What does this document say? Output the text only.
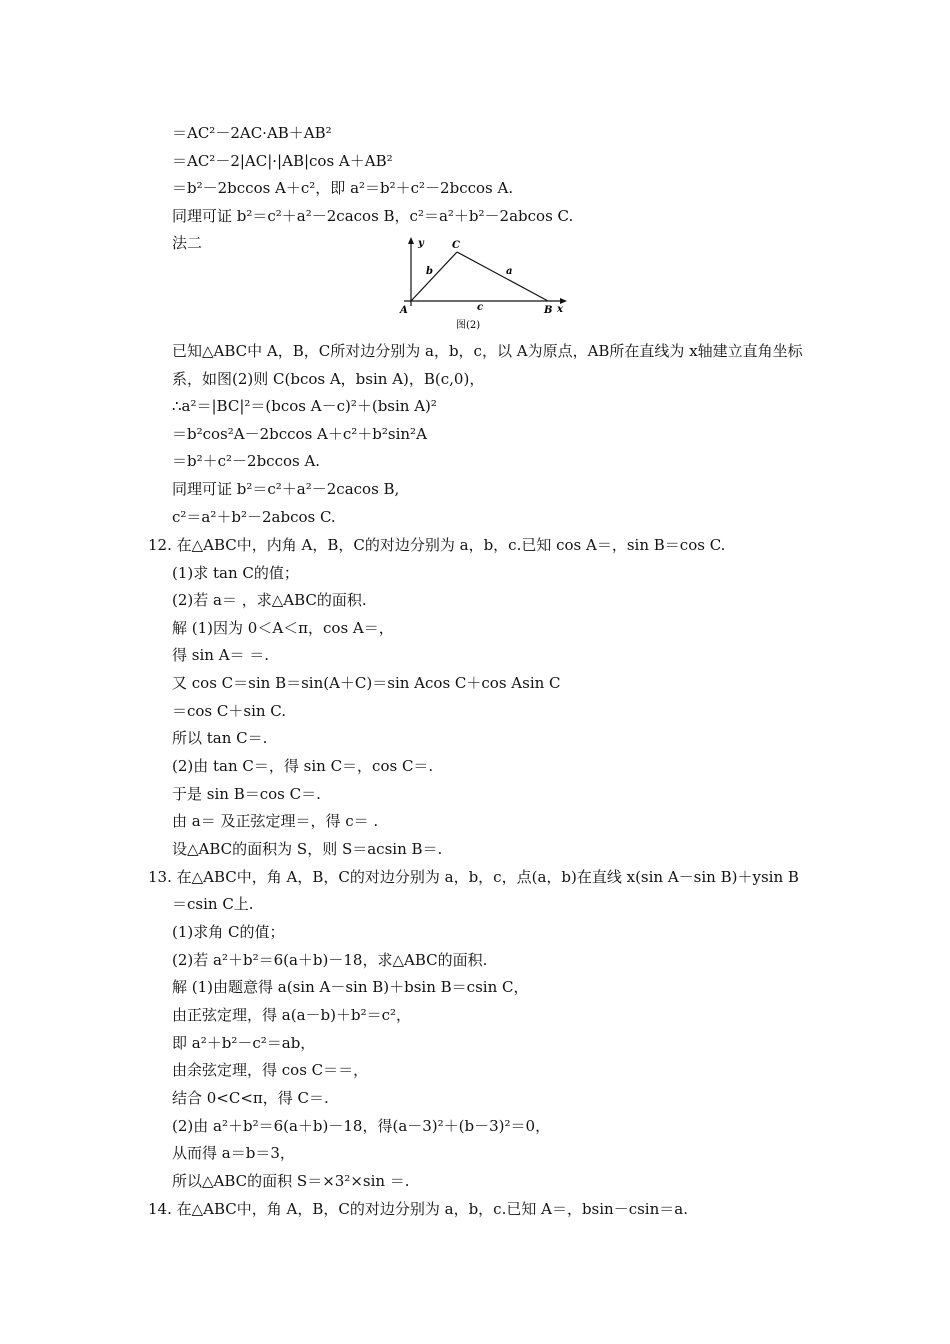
＝AC²－2AC·AB＋AB²
＝AC²－2|AC|·|AB|cos A＋AB²
＝b²－2bccos A＋c²，即 a²＝b²＋c²－2bccos A.
同理可证 b²＝c²＋a²－2cacos B，c²＝a²＋b²－2abcos C.
法二	y
x
A	B
C
b	a
c
图(2)
已知△ABC中 A，B，C所对边分别为 a，b，c，以 A为原点，AB所在直线为 x轴建立直角坐标
系，如图(2)则 C(bcos A，bsin A)，B(c,0)，
∴a²＝|BC|²＝(bcos A－c)²＋(bsin A)²
＝b²cos²A－2bccos A＋c²＋b²sin²A
＝b²＋c²－2bccos A.
同理可证 b²＝c²＋a²－2cacos B,
c²＝a²＋b²－2abcos C.
12. 在△ABC中，内角 A，B，C的对边分别为 a，b，c.已知 cos A＝，sin B＝cos C.
(1)求 tan C的值；
(2)若 a＝ ，求△ABC的面积.
解 (1)因为 0＜A＜π，cos A＝，
得 sin A＝ ＝.
又 cos C＝sin B＝sin(A＋C)＝sin Acos C＋cos Asin C
＝cos C＋sin C.
所以 tan C＝.
(2)由 tan C＝，得 sin C＝，cos C＝.
于是 sin B＝cos C＝.
由 a＝ 及正弦定理＝，得 c＝ .
设△ABC的面积为 S，则 S＝acsin B＝.
13. 在△ABC中，角 A，B，C的对边分别为 a，b，c，点(a，b)在直线 x(sin A－sin B)＋ysin B
＝csin C上.
(1)求角 C的值；
(2)若 a²＋b²＝6(a＋b)－18，求△ABC的面积.
解 (1)由题意得 a(sin A－sin B)＋bsin B＝csin C，
由正弦定理，得 a(a－b)＋b²＝c²，
即 a²＋b²－c²＝ab，
由余弦定理，得 cos C＝＝，
结合 0<C<π，得 C＝.
(2)由 a²＋b²＝6(a＋b)－18，得(a－3)²＋(b－3)²＝0，
从而得 a＝b＝3，
所以△ABC的面积 S＝×3²×sin ＝.
14. 在△ABC中，角 A，B，C的对边分别为 a，b，c.已知 A＝，bsin－csin＝a.
